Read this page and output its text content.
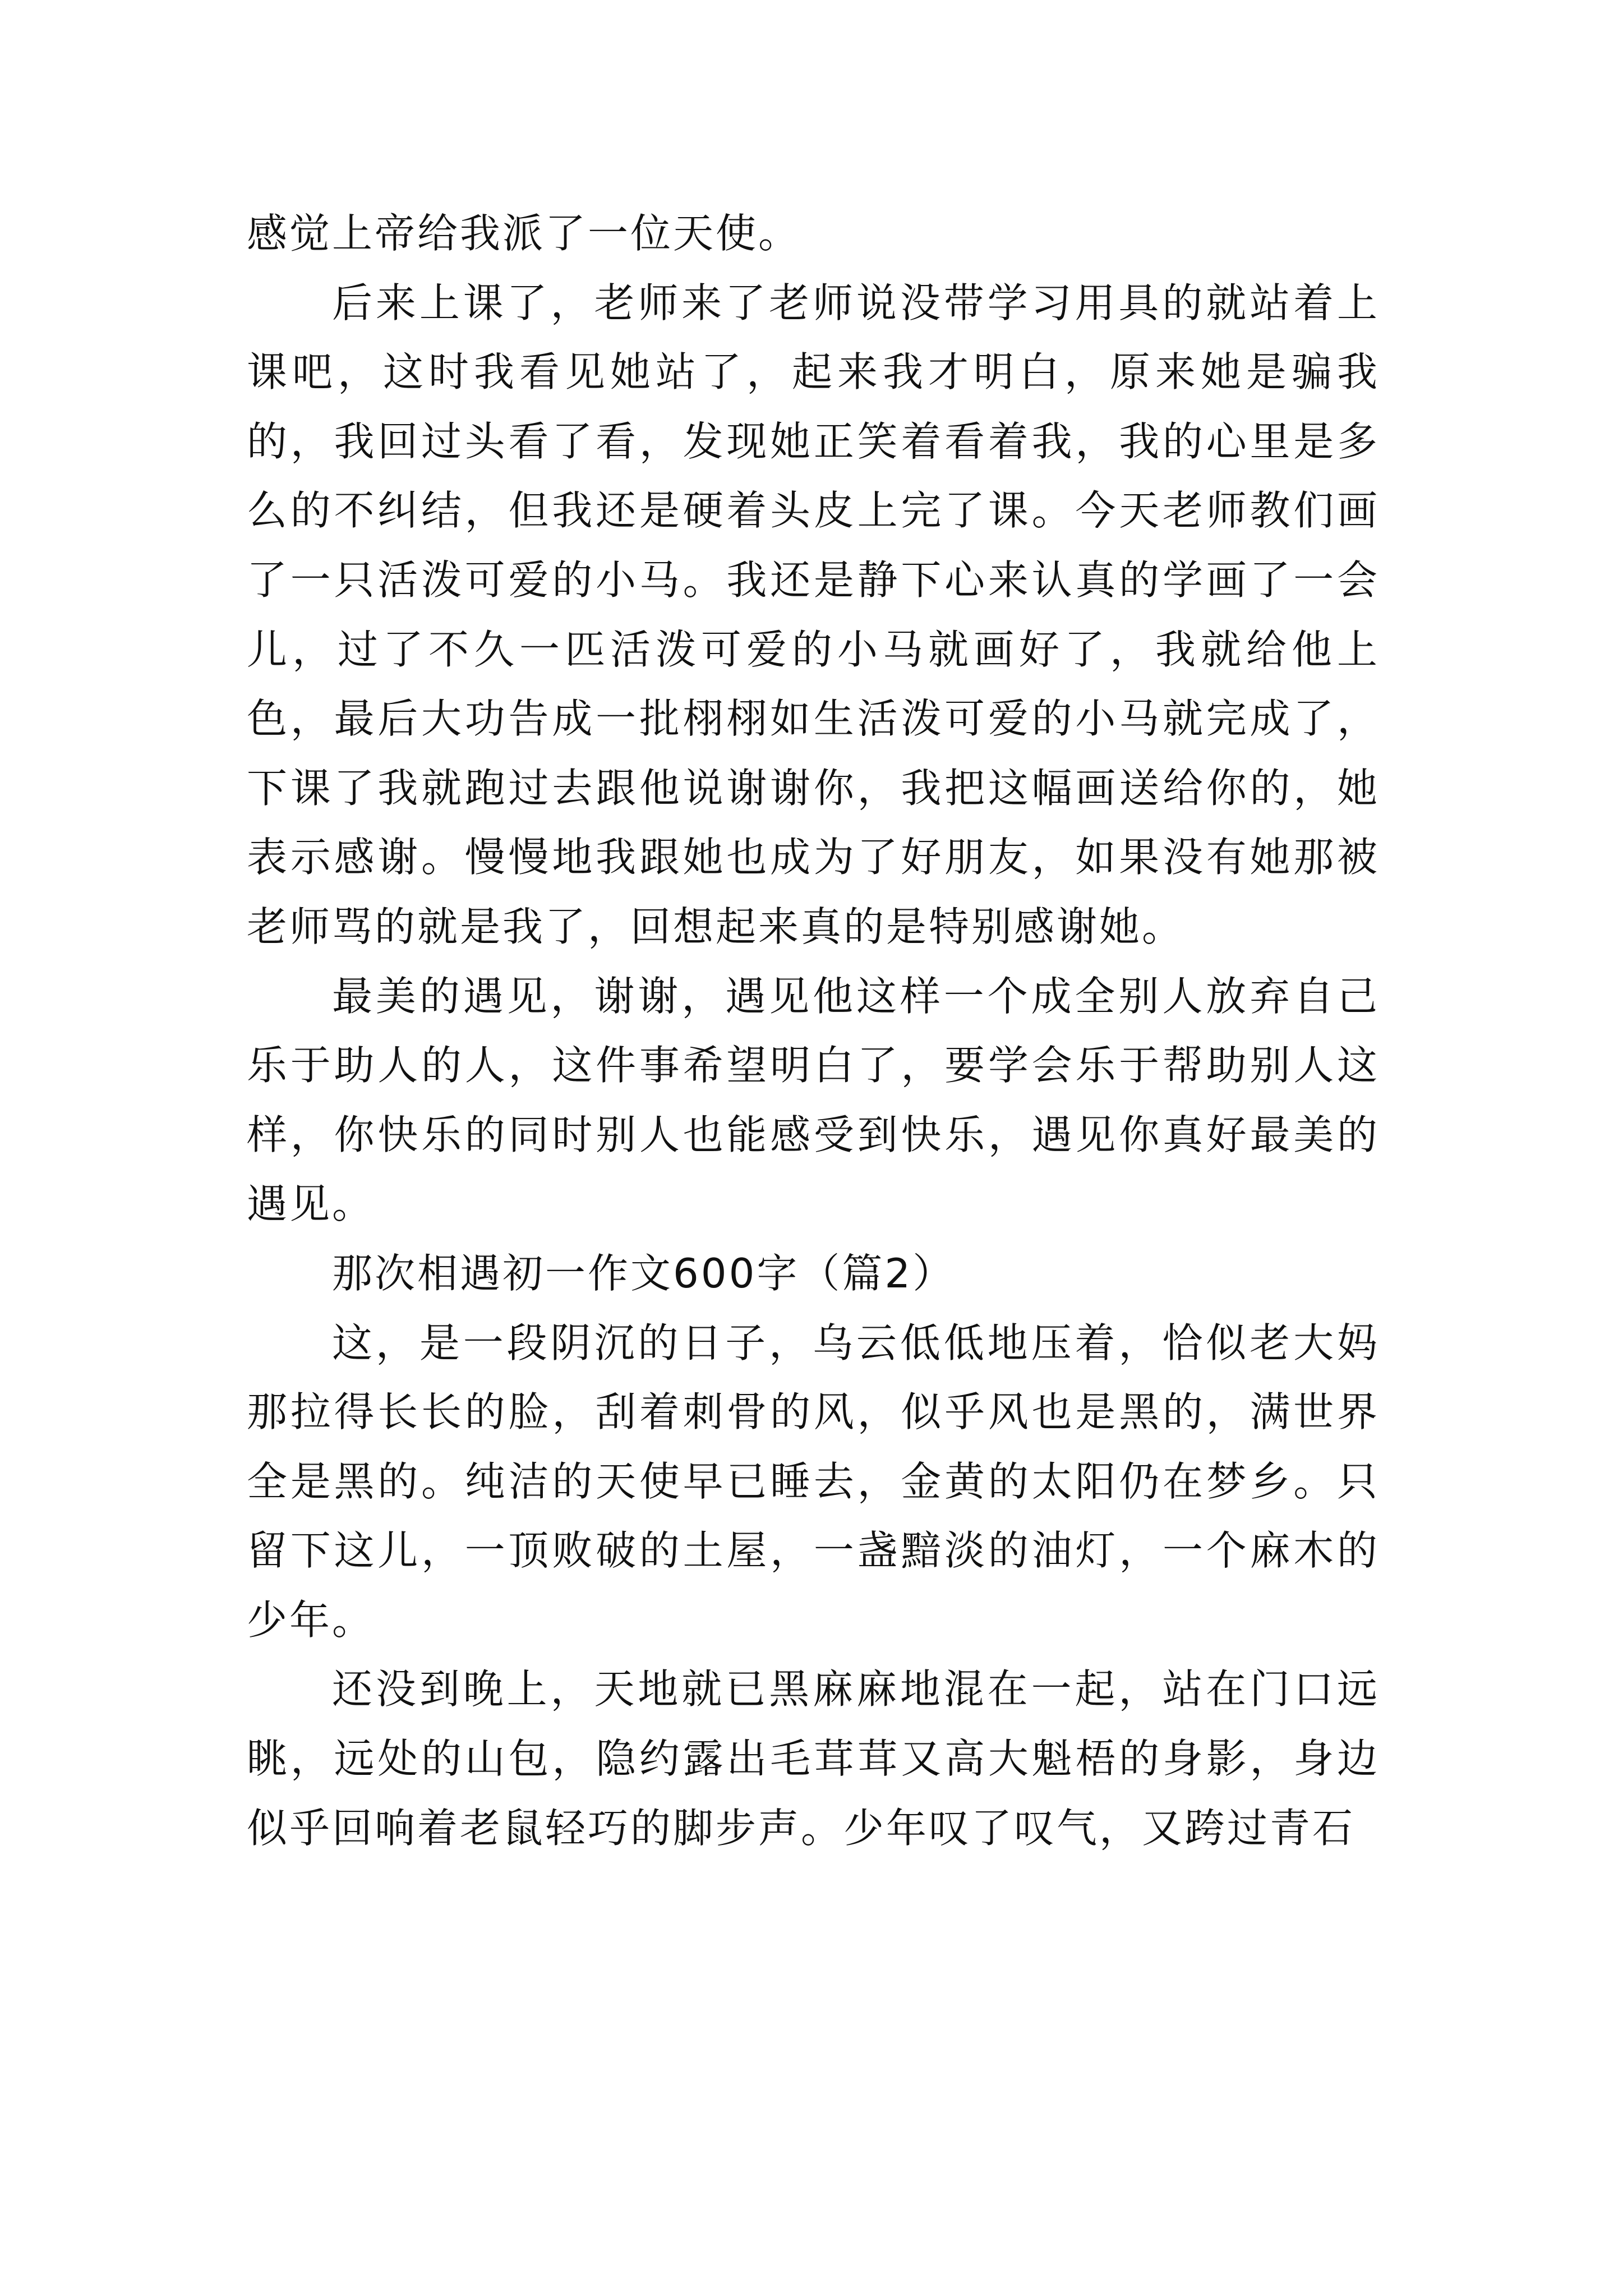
感觉上帝给我派了一位天使。

后来上课了，老师来了老师说没带学习用具的就站着上课吧，这时我看见她站了，起来我才明白，原来她是骗我的，我回过头看了看，发现她正笑着看着我，我的心里是多么的不纠结，但我还是硬着头皮上完了课。今天老师教们画了一只活泼可爱的小马。我还是静下心来认真的学画了一会儿，过了不久一匹活泼可爱的小马就画好了，我就给他上色，最后大功告成一批栩栩如生活泼可爱的小马就完成了，下课了我就跑过去跟他说谢谢你，我把这幅画送给你的，她表示感谢。慢慢地我跟她也成为了好朋友，如果没有她那被老师骂的就是我了，回想起来真的是特别感谢她。

最美的遇见，谢谢，遇见他这样一个成全别人放弃自己乐于助人的人，这件事希望明白了，要学会乐于帮助别人这样，你快乐的同时别人也能感受到快乐，遇见你真好最美的遇见。

那次相遇初一作文600字（篇2）

这，是一段阴沉的日子，乌云低低地压着，恰似老大妈那拉得长长的脸，刮着刺骨的风，似乎风也是黑的，满世界全是黑的。纯洁的天使早已睡去，金黄的太阳仍在梦乡。只留下这儿，一顶败破的土屋，一盏黯淡的油灯，一个麻木的少年。

还没到晚上，天地就已黑麻麻地混在一起，站在门口远眺，远处的山包，隐约露出毛茸茸又高大魁梧的身影，身边似乎回响着老鼠轻巧的脚步声。少年叹了叹气，又跨过青石
